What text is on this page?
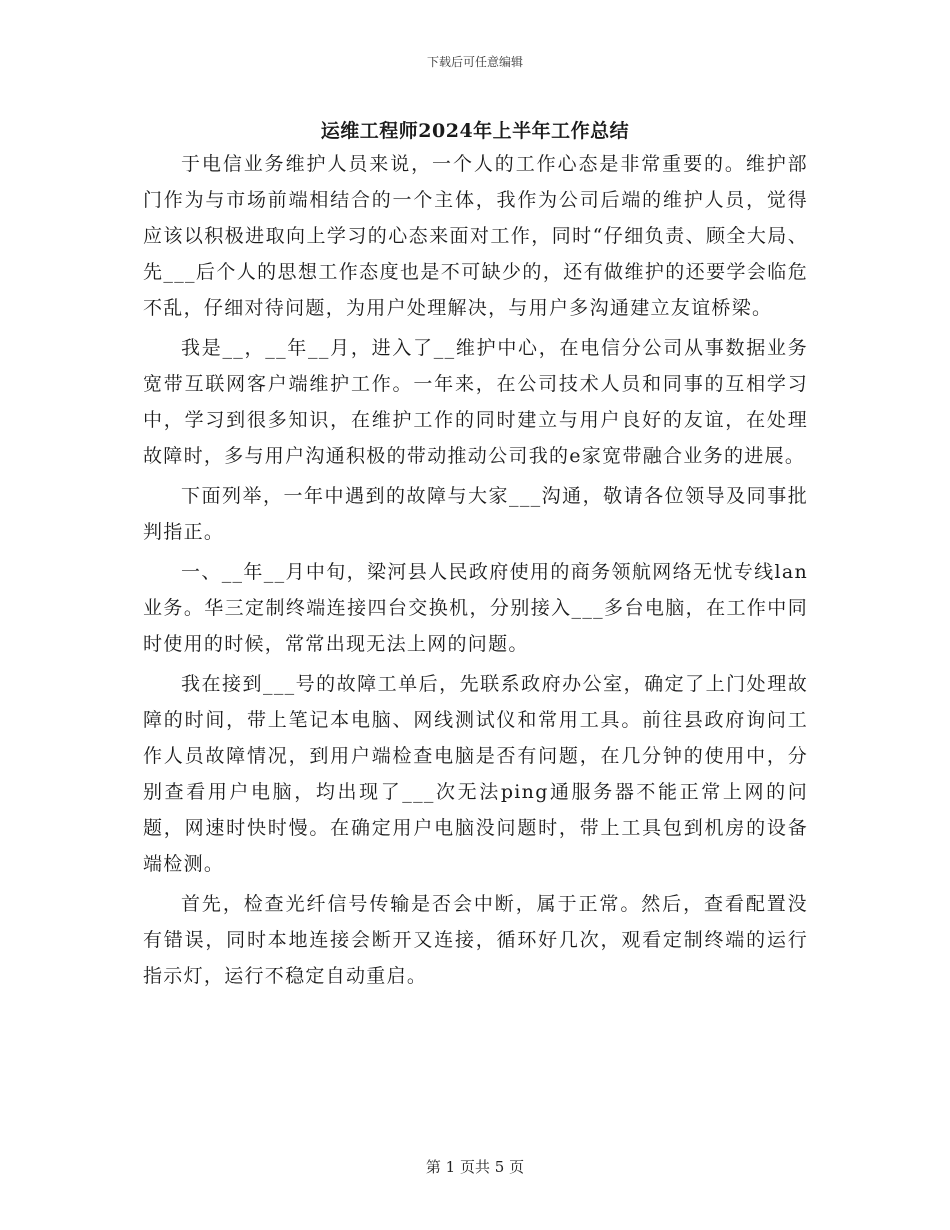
下载后可任意编辑
运维工程师2024年上半年工作总结

于电信业务维护人员来说，一个人的工作心态是非常重要的。维护部门作为与市场前端相结合的一个主体，我作为公司后端的维护人员，觉得应该以积极进取向上学习的心态来面对工作，同时“仔细负责、顾全大局、先___后个人的思想工作态度也是不可缺少的，还有做维护的还要学会临危不乱，仔细对待问题，为用户处理解决，与用户多沟通建立友谊桥梁。

我是__，__年__月，进入了__维护中心，在电信分公司从事数据业务宽带互联网客户端维护工作。一年来，在公司技术人员和同事的互相学习中，学习到很多知识，在维护工作的同时建立与用户良好的友谊，在处理故障时，多与用户沟通积极的带动推动公司我的e家宽带融合业务的进展。

下面列举，一年中遇到的故障与大家___沟通，敬请各位领导及同事批判指正。

一、__年__月中旬，梁河县人民政府使用的商务领航网络无忧专线lan业务。华三定制终端连接四台交换机，分别接入___多台电脑，在工作中同时使用的时候，常常出现无法上网的问题。

我在接到___号的故障工单后，先联系政府办公室，确定了上门处理故障的时间，带上笔记本电脑、网线测试仪和常用工具。前往县政府询问工作人员故障情况，到用户端检查电脑是否有问题，在几分钟的使用中，分别查看用户电脑，均出现了___次无法ping通服务器不能正常上网的问题，网速时快时慢。在确定用户电脑没问题时，带上工具包到机房的设备端检测。

首先，检查光纤信号传输是否会中断，属于正常。然后，查看配置没有错误，同时本地连接会断开又连接，循环好几次，观看定制终端的运行指示灯，运行不稳定自动重启。

第 1 页共 5 页
